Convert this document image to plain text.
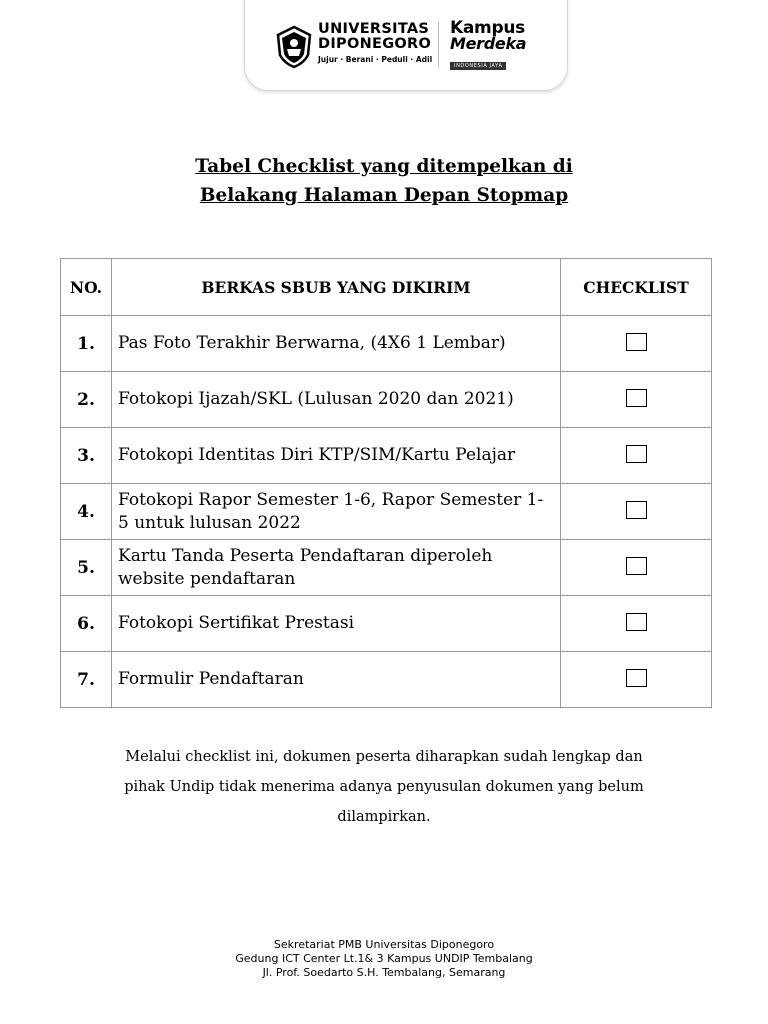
UNIVERSITAS
DIPONEGORO
Jujur · Berani · Peduli · Adil
Kampus
Merdeka
INDONESIA JAYA
Tabel Checklist yang ditempelkan di
Belakang Halaman Depan Stopmap
NO.	BERKAS SBUB YANG DIKIRIM	CHECKLIST
1.	Pas Foto Terakhir Berwarna, (4X6 1 Lembar)	
2.	Fotokopi Ijazah/SKL (Lulusan 2020 dan 2021)	
3.	Fotokopi Identitas Diri KTP/SIM/Kartu Pelajar	
4.	Fotokopi Rapor Semester 1-6, Rapor Semester 1- 5 untuk lulusan 2022	
5.	Kartu Tanda Peserta Pendaftaran diperoleh website pendaftaran	
6.	Fotokopi Sertifikat Prestasi	
7.	Formulir Pendaftaran	
Melalui checklist ini, dokumen peserta diharapkan sudah lengkap dan
pihak Undip tidak menerima adanya penyusulan dokumen yang belum
dilampirkan.
Sekretariat PMB Universitas Diponegoro
Gedung ICT Center Lt.1& 3 Kampus UNDIP Tembalang
Jl. Prof. Soedarto S.H. Tembalang, Semarang
